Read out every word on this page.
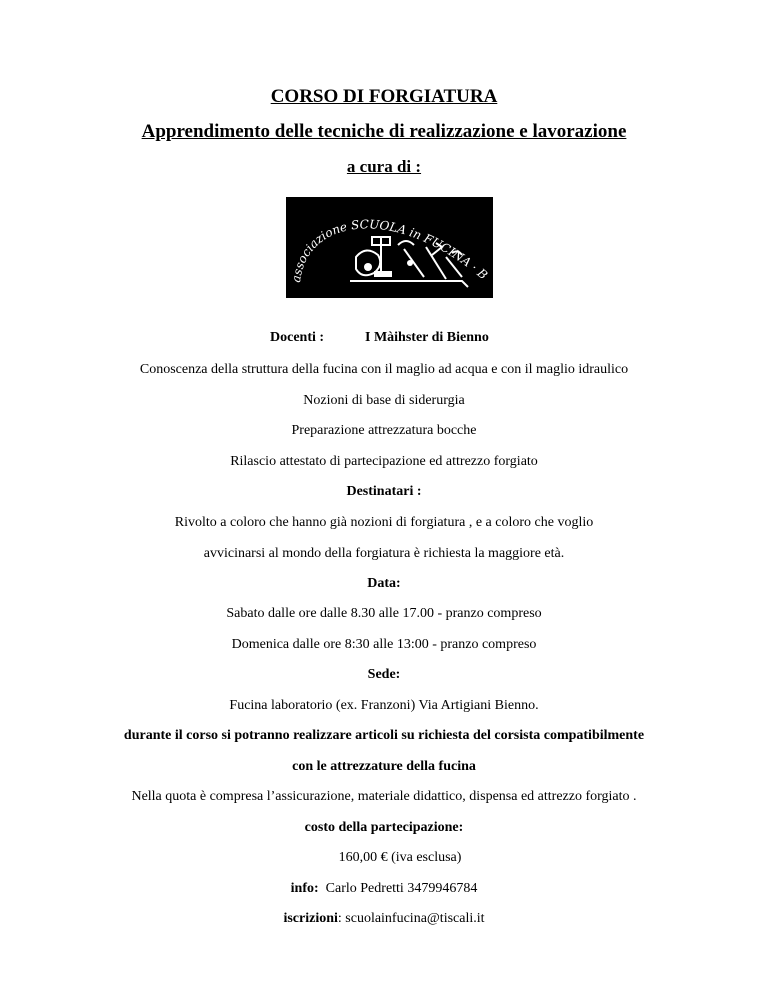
CORSO DI FORGIATURA
Apprendimento delle tecniche di realizzazione e lavorazione
a cura di :
associazione SCUOLA in FUCINA · B
Docenti :	I Màihster di Bienno
Conoscenza della struttura della fucina con il maglio ad acqua e con il maglio idraulico
Nozioni di base di siderurgia
Preparazione attrezzatura bocche
Rilascio attestato di partecipazione ed attrezzo forgiato
Destinatari :
Rivolto a coloro che hanno già nozioni di forgiatura , e a coloro che voglio
avvicinarsi al mondo della forgiatura è richiesta la maggiore età.
Data:
Sabato dalle ore dalle 8.30 alle 17.00 - pranzo compreso
Domenica dalle ore 8:30 alle 13:00 - pranzo compreso
Sede:
Fucina laboratorio (ex. Franzoni) Via Artigiani Bienno.
durante il corso si potranno realizzare articoli su richiesta del corsista compatibilmente
con le attrezzature della fucina
Nella quota è compresa l’assicurazione, materiale didattico, dispensa ed attrezzo forgiato .
costo della partecipazione:
160,00 € (iva esclusa)
info:  Carlo Pedretti 3479946784
iscrizioni: scuolainfucina@tiscali.it
